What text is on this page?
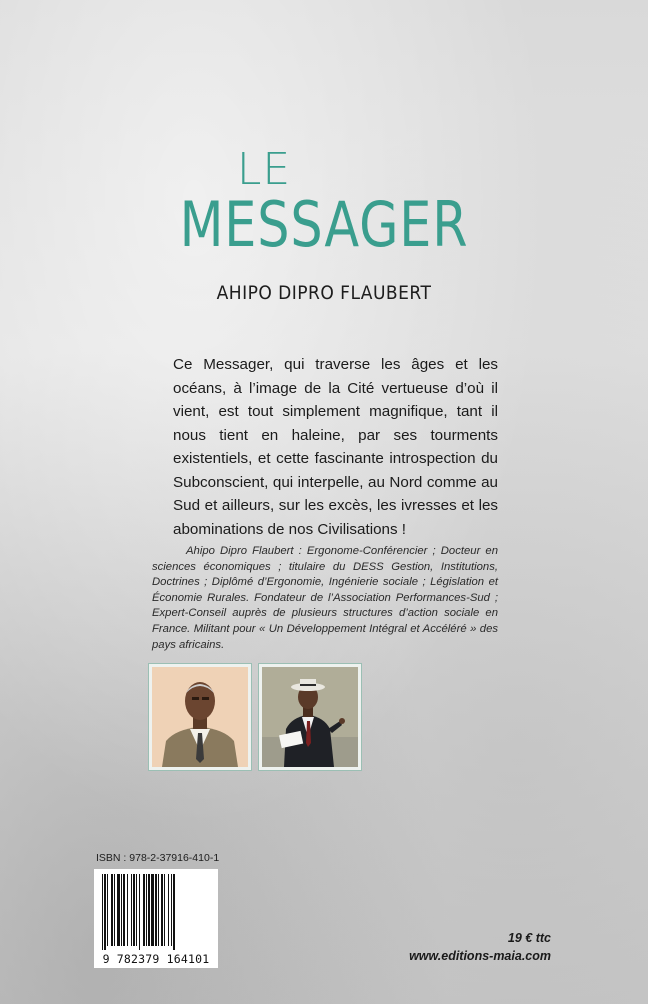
LE
MESSAGER

AHIPO DIPRO FLAUBERT

Ce Messager, qui traverse les âges et les océans, à l’image de la Cité vertueuse d’où il vient, est tout simplement magnifique, tant il nous tient en haleine, par ses tourments existentiels, et cette fascinante introspection du Subconscient, qui interpelle, au Nord comme au Sud et ailleurs, sur les excès, les ivresses et les abominations de nos Civilisations !

Ahipo Dipro Flaubert : Ergonome-Conférencier ; Docteur en sciences économiques ; titulaire du DESS Gestion, Institutions, Doctrines ; Diplômé d’Ergonomie, Ingénierie sociale ; Législation et Économie Rurales. Fondateur de l’Association Performances-Sud ; Expert-Conseil auprès de plusieurs structures d’action sociale en France. Militant pour « Un Développement Intégral et Accéléré » des pays africains.

ISBN : 978-2-37916-410-1

9 782379 164101

19 € ttc

www.editions-maia.com
